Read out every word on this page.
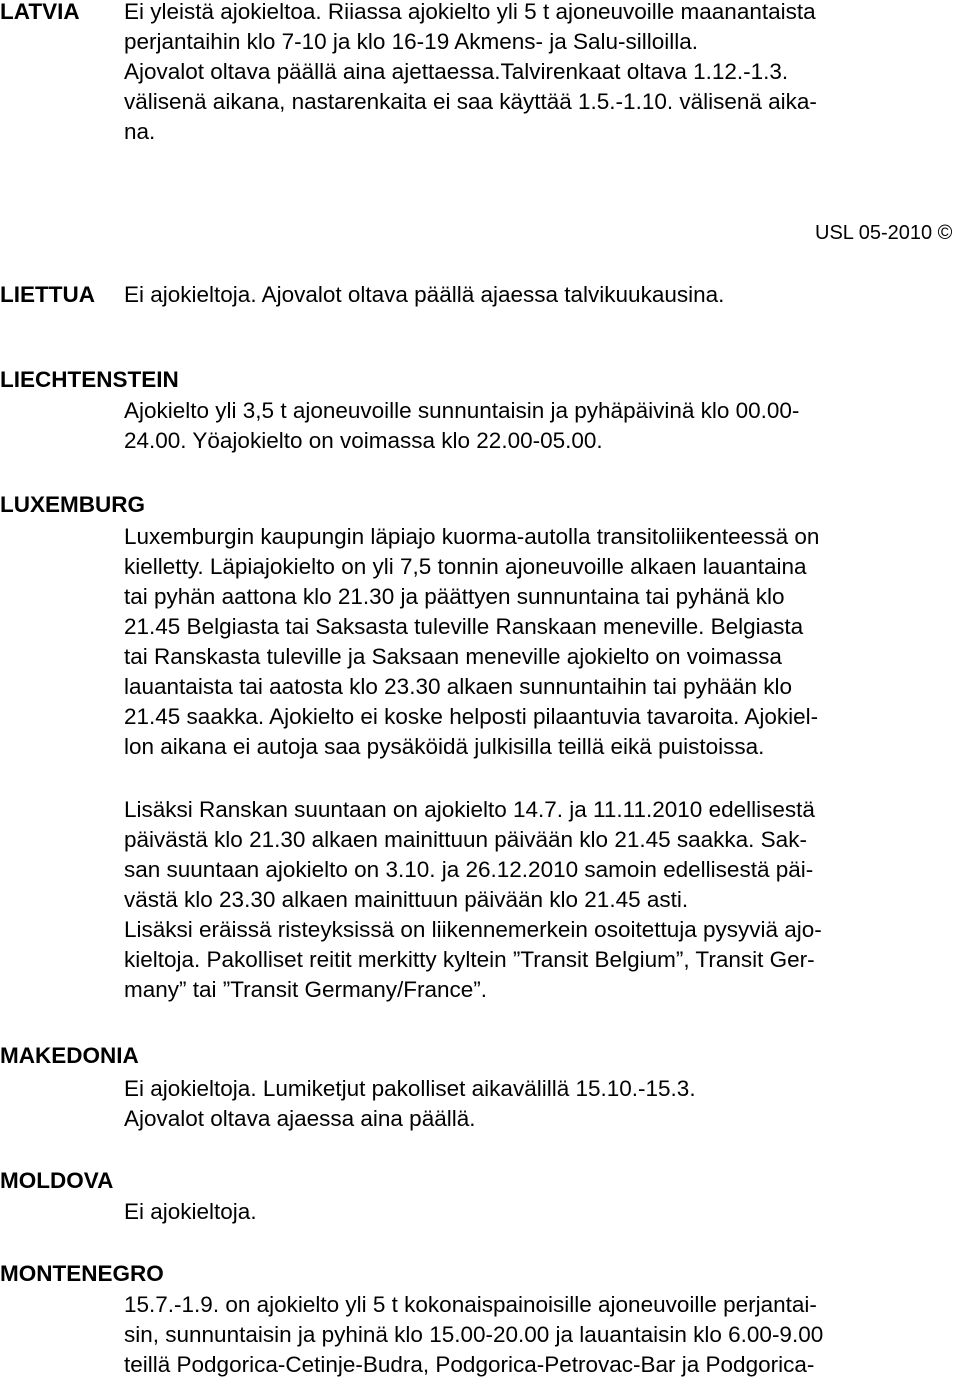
LATVIA Ei yleistä ajokieltoa. Riiassa ajokielto yli 5 t ajoneuvoille maanantaista
perjantaihin klo 7-10 ja klo 16-19 Akmens- ja Salu-silloilla.
Ajovalot oltava päällä aina ajettaessa.Talvirenkaat oltava 1.12.-1.3.
välisenä aikana, nastarenkaita ei saa käyttää 1.5.-1.10. välisenä aika-
na.
USL 05-2010 ©
LIETTUA Ei ajokieltoja. Ajovalot oltava päällä ajaessa talvikuukausina.
LIECHTENSTEIN
Ajokielto yli 3,5 t ajoneuvoille sunnuntaisin ja pyhäpäivinä klo 00.00-
24.00. Yöajokielto on voimassa klo 22.00-05.00.
LUXEMBURG
Luxemburgin kaupungin läpiajo kuorma-autolla transitoliikenteessä on
kielletty. Läpiajokielto on yli 7,5 tonnin ajoneuvoille alkaen lauantaina
tai pyhän aattona klo 21.30 ja päättyen sunnuntaina tai pyhänä klo
21.45 Belgiasta tai Saksasta tuleville Ranskaan meneville. Belgiasta
tai Ranskasta tuleville ja Saksaan meneville ajokielto on voimassa
lauantaista tai aatosta klo 23.30 alkaen sunnuntaihin tai pyhään klo
21.45 saakka. Ajokielto ei koske helposti pilaantuvia tavaroita. Ajokiel-
lon aikana ei autoja saa pysäköidä julkisilla teillä eikä puistoissa.
Lisäksi Ranskan suuntaan on ajokielto 14.7. ja 11.11.2010 edellisestä
päivästä klo 21.30 alkaen mainittuun päivään klo 21.45 saakka. Sak-
san suuntaan ajokielto on 3.10. ja 26.12.2010 samoin edellisestä päi-
västä klo 23.30 alkaen mainittuun päivään klo 21.45 asti.
Lisäksi eräissä risteyksissä on liikennemerkein osoitettuja pysyviä ajo-
kieltoja. Pakolliset reitit merkitty kyltein ”Transit Belgium”, Transit Ger-
many” tai ”Transit Germany/France”.
MAKEDONIA
Ei ajokieltoja. Lumiketjut pakolliset aikavälillä 15.10.-15.3.
Ajovalot oltava ajaessa aina päällä.
MOLDOVA
Ei ajokieltoja.
MONTENEGRO
15.7.-1.9. on ajokielto yli 5 t kokonaispainoisille ajoneuvoille perjantai-
sin, sunnuntaisin ja pyhinä klo 15.00-20.00 ja lauantaisin klo 6.00-9.00
teillä Podgorica-Cetinje-Budra, Podgorica-Petrovac-Bar ja Podgorica-
